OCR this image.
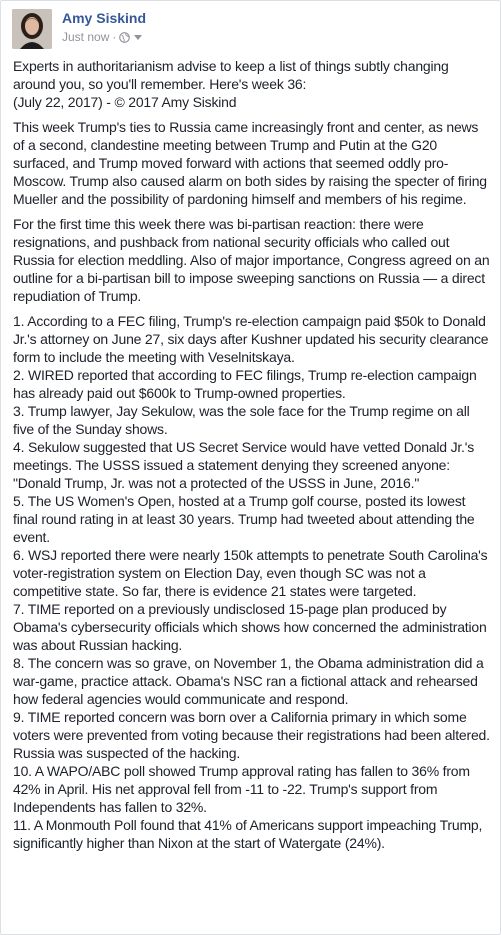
Amy Siskind
Just now ·

Experts in authoritarianism advise to keep a list of things subtly changing around you, so you'll remember. Here's week 36:
(July 22, 2017) - © 2017 Amy Siskind

This week Trump's ties to Russia came increasingly front and center, as news of a second, clandestine meeting between Trump and Putin at the G20 surfaced, and Trump moved forward with actions that seemed oddly pro-Moscow. Trump also caused alarm on both sides by raising the specter of firing Mueller and the possibility of pardoning himself and members of his regime.

For the first time this week there was bi-partisan reaction: there were resignations, and pushback from national security officials who called out Russia for election meddling. Also of major importance, Congress agreed on an outline for a bi-partisan bill to impose sweeping sanctions on Russia — a direct repudiation of Trump.

1. According to a FEC filing, Trump's re-election campaign paid $50k to Donald Jr.'s attorney on June 27, six days after Kushner updated his security clearance form to include the meeting with Veselnitskaya.
2. WIRED reported that according to FEC filings, Trump re-election campaign has already paid out $600k to Trump-owned properties.
3. Trump lawyer, Jay Sekulow, was the sole face for the Trump regime on all five of the Sunday shows.
4. Sekulow suggested that US Secret Service would have vetted Donald Jr.'s meetings. The USSS issued a statement denying they screened anyone: "Donald Trump, Jr. was not a protected of the USSS in June, 2016."
5. The US Women's Open, hosted at a Trump golf course, posted its lowest final round rating in at least 30 years. Trump had tweeted about attending the event.
6. WSJ reported there were nearly 150k attempts to penetrate South Carolina's voter-registration system on Election Day, even though SC was not a competitive state. So far, there is evidence 21 states were targeted.
7. TIME reported on a previously undisclosed 15-page plan produced by Obama's cybersecurity officials which shows how concerned the administration was about Russian hacking.
8. The concern was so grave, on November 1, the Obama administration did a war-game, practice attack. Obama's NSC ran a fictional attack and rehearsed how federal agencies would communicate and respond.
9. TIME reported concern was born over a California primary in which some voters were prevented from voting because their registrations had been altered. Russia was suspected of the hacking.
10. A WAPO/ABC poll showed Trump approval rating has fallen to 36% from 42% in April. His net approval fell from -11 to -22. Trump's support from Independents has fallen to 32%.
11. A Monmouth Poll found that 41% of Americans support impeaching Trump, significantly higher than Nixon at the start of Watergate (24%).
